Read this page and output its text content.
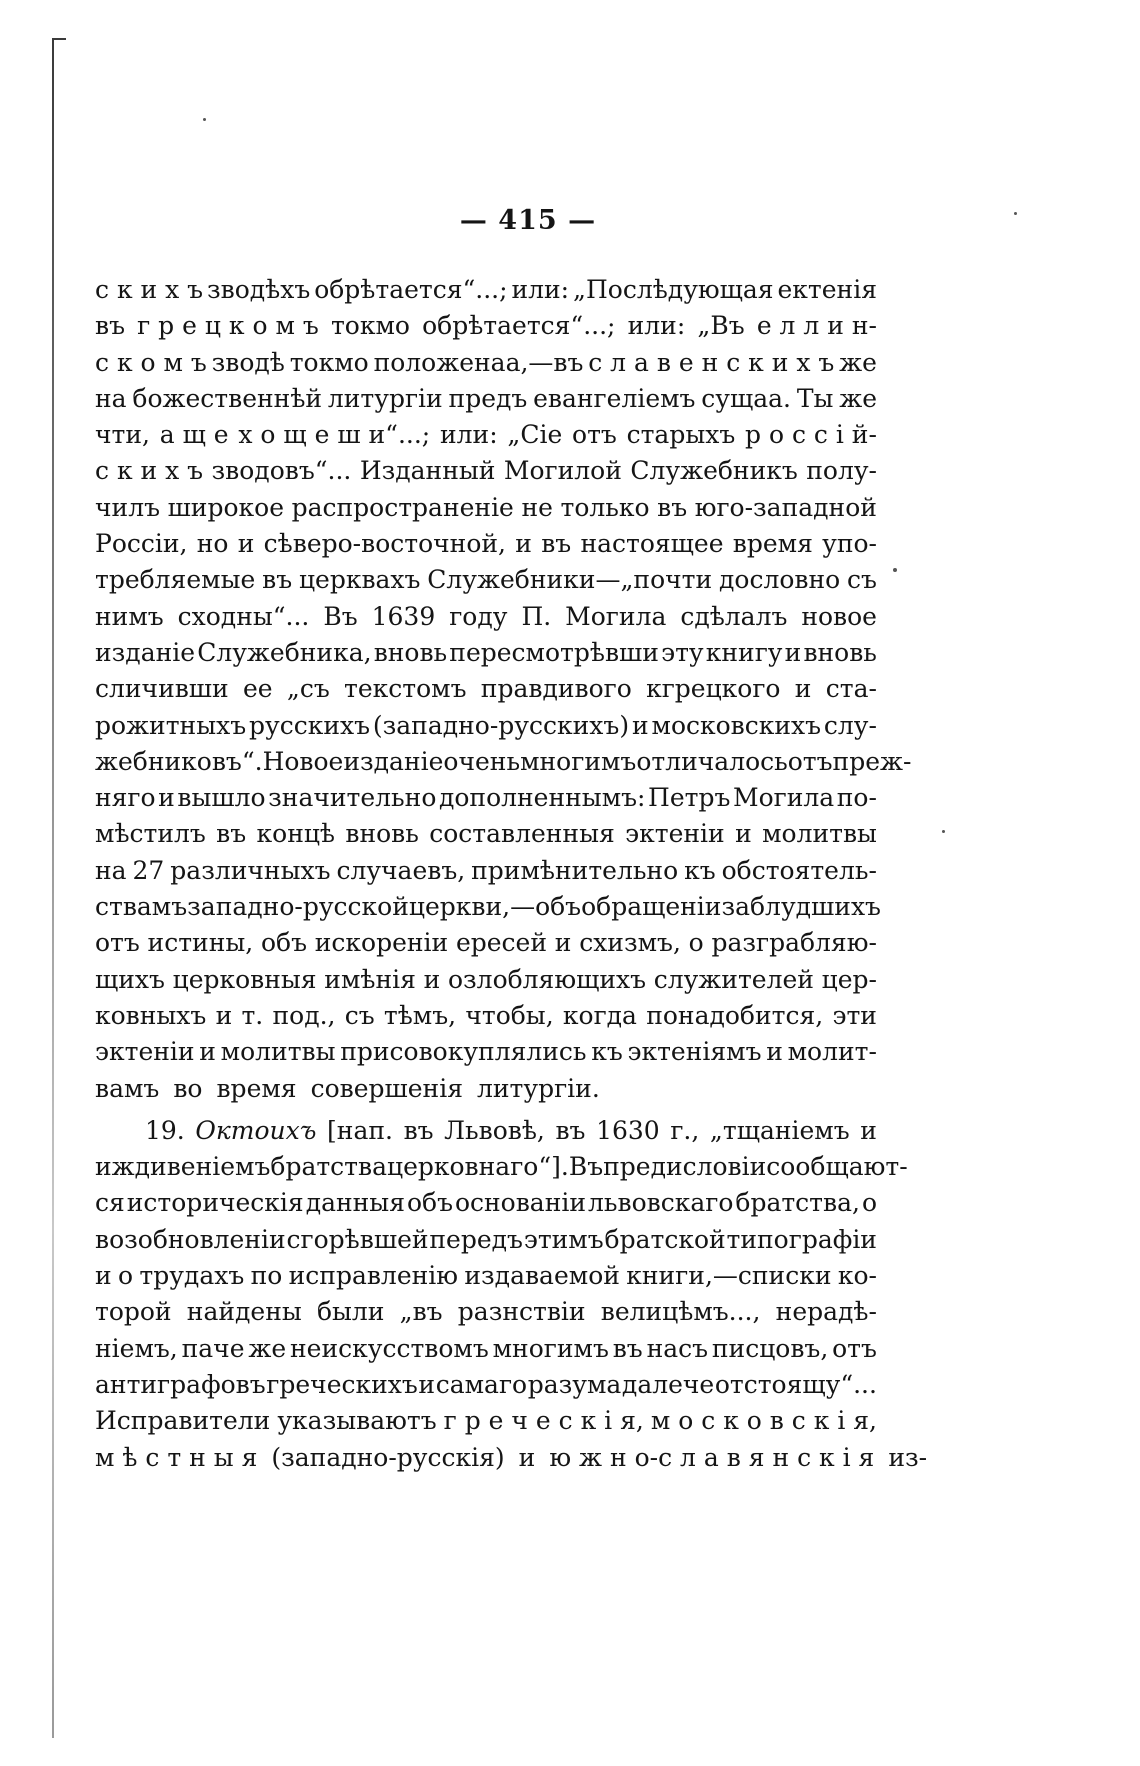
— 415 —
с к и х ъ зводѣхъ обрѣтается“...; или: „Послѣдующая ектенія
въ г р е ц к о м ъ токмо обрѣтается“...; или: „Въ е л л и н-
с к о м ъ зводѣ токмо положенаа,—въ с л а в е н с к и х ъ же
на божественнѣй литургіи предъ евангеліемъ сущаа. Ты же
чти, а щ е х о щ е ш и“...; или: „Сіе отъ старыхъ р о с с і й-
с к и х ъ зводовъ“... Изданный Могилой Служебникъ полу-
чилъ широкое распространеніе не только въ юго-западной
Россіи, но и сѣверо-восточной, и въ настоящее время упо-
требляемые въ церквахъ Служебники—„почти дословно съ
нимъ сходны“... Въ 1639 году П. Могила сдѣлалъ новое
изданіе Служебника, вновь пересмотрѣвши эту книгу и вновь
сличивши ее „съ текстомъ правдивого кгрецкого и ста-
рожитныхъ русскихъ (западно-русскихъ) и московскихъ слу-
жебниковъ“. Новое изданіе очень многимъ отличалось отъ преж-
няго и вышло значительно дополненнымъ: Петръ Могила по-
мѣстилъ въ концѣ вновь составленныя эктеніи и молитвы
на 27 различныхъ случаевъ, примѣнительно къ обстоятель-
ствамъ западно-русской церкви,—объ обращеніи заблудшихъ
отъ истины, объ искореніи ересей и схизмъ, о разграбляю-
щихъ церковныя имѣнія и озлобляющихъ служителей цер-
ковныхъ и т. под., съ тѣмъ, чтобы, когда понадобится, эти
эктеніи и молитвы присовокуплялись къ эктеніямъ и молит-
вамъ во время совершенія литургіи.
19. Октоихъ [нап. въ Львовѣ, въ 1630 г., „тщаніемъ и
иждивеніемъ братства церковнаго“]. Въ предисловіи сообщают-
ся историческія данныя объ основаніи львовскаго братства, о
возобновленіи сгорѣвшей передъ этимъ братской типографіи
и о трудахъ по исправленію издаваемой книги,—списки ко-
торой найдены были „въ разнствіи велицѣмъ..., нерадѣ-
ніемъ, паче же неискусствомъ многимъ въ насъ писцовъ, отъ
антиграфовъ греческихъ и самаго разума далече отстоящу“...
Исправители указываютъ г р е ч е с к і я, м о с к о в с к і я,
м ѣ с т н ы я (западно-русскія) и ю ж н о-с л а в я н с к і я из-
